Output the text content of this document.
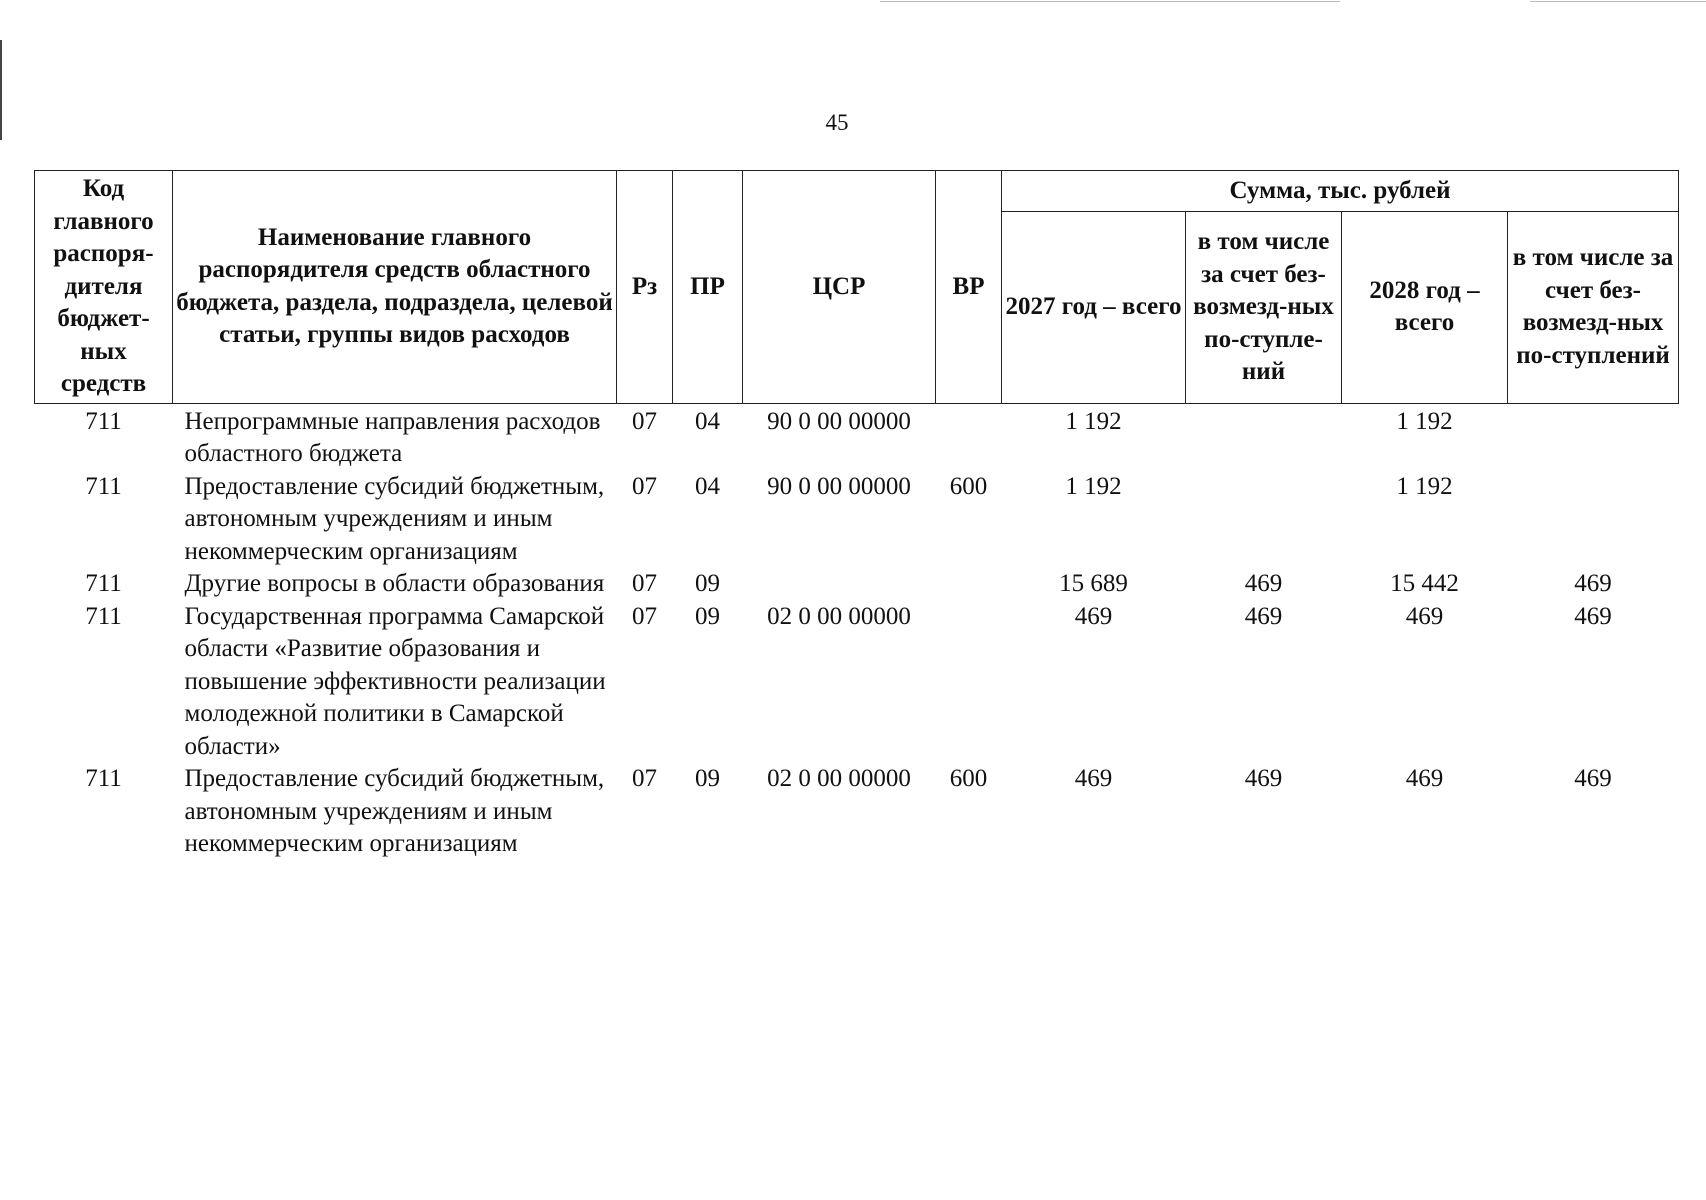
45
Код главного распоря-дителя бюджет-ных средств	Наименование главного распорядителя средств областного бюджета, раздела, подраздела, целевой статьи, группы видов расходов	Рз	ПР	ЦСР	ВР	Сумма, тыс. рублей			
						2027 год – всего	в том числе за счет без-возмезд-ных по-ступле-ний	2028 год – всего	в том числе за счет без-возмезд-ных по-ступлений
711	Непрограммные направления расходов областного бюджета	07	04	90 0 00 00000		1 192		1 192	
711	Предоставление субсидий бюджетным, автономным учреждениям и иным некоммерческим организациям	07	04	90 0 00 00000	600	1 192		1 192	
711	Другие вопросы в области образования	07	09			15 689	469	15 442	469
711	Государственная программа Самарской области «Развитие образования и повышение эффективности реализации молодежной политики в Самарской области»	07	09	02 0 00 00000		469	469	469	469
711	Предоставление субсидий бюджетным, автономным учреждениям и иным некоммерческим организациям	07	09	02 0 00 00000	600	469	469	469	469
